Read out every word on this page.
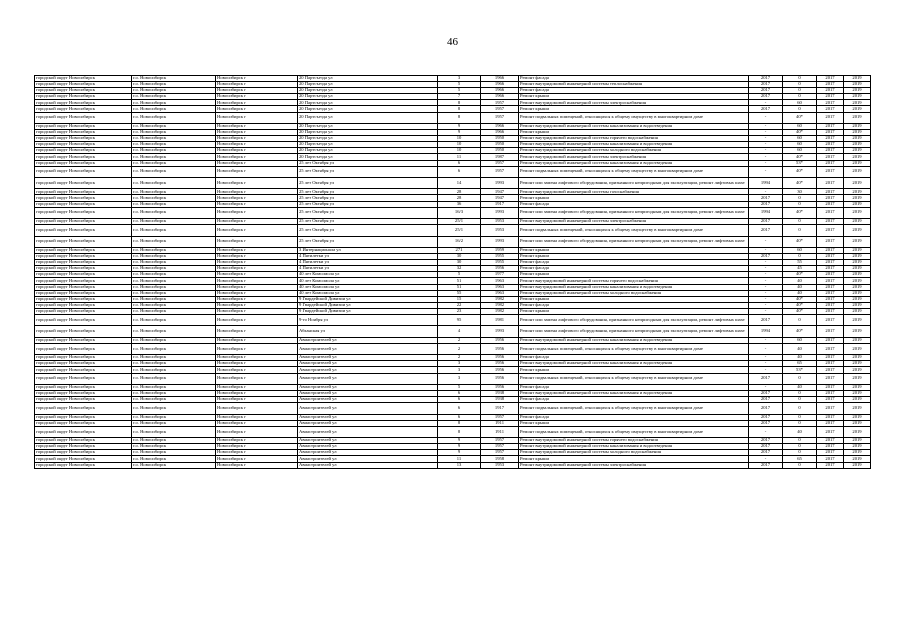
46
городской округ Новосибирск	г.о. Новосибирск	Новосибирск г	20 Партсъезда ул	3	1966	Ремонт фасада	2017	0	2017	2019
городской округ Новосибирск	г.о. Новосибирск	Новосибирск г	20 Партсъезда ул	5	1966	Ремонт внутридомовой инженерной системы теплоснабжения	2017	0	2017	2019
городской округ Новосибирск	г.о. Новосибирск	Новосибирск г	20 Партсъезда ул	5	1966	Ремонт фасада	2017	0	2017	2019
городской округ Новосибирск	г.о. Новосибирск	Новосибирск г	20 Партсъезда ул	7	1966	Ремонт крыши	2017	0	2017	2019
городской округ Новосибирск	г.о. Новосибирск	Новосибирск г	20 Партсъезда ул	8	1957	Ремонт внутридомовой инженерной системы электроснабжения	-	60	2017	2019
городской округ Новосибирск	г.о. Новосибирск	Новосибирск г	20 Партсъезда ул	8	1957	Ремонт крыши	2017	0	2017	2019
городской округ Новосибирск	г.о. Новосибирск	Новосибирск г	20 Партсъезда ул	8	1957	Ремонт подвальных помещений, относящихся к общему имуществу в многоквартирном доме	-	40*	2017	2019
городской округ Новосибирск	г.о. Новосибирск	Новосибирск г	20 Партсъезда ул	9	1966	Ремонт внутридомовой инженерной системы канализования и водоотведения	-	60	2017	2019
городской округ Новосибирск	г.о. Новосибирск	Новосибирск г	20 Партсъезда ул	9	1966	Ремонт крыши	-	40*	2017	2019
городской округ Новосибирск	г.о. Новосибирск	Новосибирск г	20 Партсъезда ул	10	1950	Ремонт внутридомовой инженерной системы горячего водоснабжения	-	60	2017	2019
городской округ Новосибирск	г.о. Новосибирск	Новосибирск г	20 Партсъезда ул	10	1950	Ремонт внутридомовой инженерной системы канализования и водоотведения	-	60	2017	2019
городской округ Новосибирск	г.о. Новосибирск	Новосибирск г	20 Партсъезда ул	10	1950	Ремонт внутридомовой инженерной системы холодного водоснабжения	-	60	2017	2019
городской округ Новосибирск	г.о. Новосибирск	Новосибирск г	20 Партсъезда ул	11	1987	Ремонт внутридомовой инженерной системы электроснабжения	-	40*	2017	2019
городской округ Новосибирск	г.о. Новосибирск	Новосибирск г	25 лет Октября ул	6	1957	Ремонт внутридомовой инженерной системы канализования и водоотведения	-	53*	2017	2019
городской округ Новосибирск	г.о. Новосибирск	Новосибирск г	25 лет Октября ул	6	1957	Ремонт подвальных помещений, относящихся к общему имуществу в многоквартирном доме	-	40*	2017	2019
городской округ Новосибирск	г.о. Новосибирск	Новосибирск г	25 лет Октября ул	14	1993	Ремонт или замена лифтового оборудования, признанного непригодным для эксплуатации, ремонт лифтовых шахт	1994	40*	2017	2019
городской округ Новосибирск	г.о. Новосибирск	Новосибирск г	25 лет Октября ул	28	1947	Ремонт внутридомовой инженерной системы газоснабжения	-	30	2017	2019
городской округ Новосибирск	г.о. Новосибирск	Новосибирск г	25 лет Октября ул	28	1947	Ремонт крыши	2017	0	2017	2019
городской округ Новосибирск	г.о. Новосибирск	Новосибирск г	25 лет Октября ул	36	1917	Ремонт фасада	2017	0	2017	2019
городской округ Новосибирск	г.о. Новосибирск	Новосибирск г	25 лет Октября ул	16/3	1993	Ремонт или замена лифтового оборудования, признанного непригодным для эксплуатации, ремонт лифтовых шахт	1994	40*	2017	2019
городской округ Новосибирск	г.о. Новосибирск	Новосибирск г	25 лет Октября ул	25/1	1953	Ремонт внутридомовой инженерной системы электроснабжения	2017	0	2017	2019
городской округ Новосибирск	г.о. Новосибирск	Новосибирск г	25 лет Октября ул	25/1	1953	Ремонт подвальных помещений, относящихся к общему имуществу в многоквартирном доме	2017	0	2017	2019
городской округ Новосибирск	г.о. Новосибирск	Новосибирск г	25 лет Октября ул	16/2	1993	Ремонт или замена лифтового оборудования, признанного непригодным для эксплуатации, ремонт лифтовых шахт	-	40*	2017	2019
городской округ Новосибирск	г.о. Новосибирск	Новосибирск г	3 Интернационала ул	271	1959	Ремонт крыши	-	60	2017	2019
городской округ Новосибирск	г.о. Новосибирск	Новосибирск г	4 Пятилетки ул	30	1955	Ремонт крыши	2017	0	2017	2019
городской округ Новосибирск	г.о. Новосибирск	Новосибирск г	4 Пятилетки ул	30	1955	Ремонт фасада	-	55	2017	2019
городской округ Новосибирск	г.о. Новосибирск	Новосибирск г	4 Пятилетки ул	32	1956	Ремонт фасада	-	45	2017	2019
городской округ Новосибирск	г.о. Новосибирск	Новосибирск г	40 лет Комсомола ул	5	1977	Ремонт крыши	-	40*	2017	2019
городской округ Новосибирск	г.о. Новосибирск	Новосибирск г	40 лет Комсомола ул	51	1963	Ремонт внутридомовой инженерной системы горячего водоснабжения	-	40	2017	2019
городской округ Новосибирск	г.о. Новосибирск	Новосибирск г	40 лет Комсомола ул	51	1963	Ремонт внутридомовой инженерной системы канализования и водоотведения	-	40	2017	2019
городской округ Новосибирск	г.о. Новосибирск	Новосибирск г	40 лет Комсомола ул	55	1963	Ремонт внутридомовой инженерной системы холодного водоснабжения	-	40	2017	2019
городской округ Новосибирск	г.о. Новосибирск	Новосибирск г	9 Гвардейской Дивизии ул	15	1982	Ремонт крыши	-	40*	2017	2019
городской округ Новосибирск	г.о. Новосибирск	Новосибирск г	9 Гвардейской Дивизии ул	22	1982	Ремонт фасада	-	40*	2017	2019
городской округ Новосибирск	г.о. Новосибирск	Новосибирск г	9 Гвардейской Дивизии ул	23	1982	Ремонт крыши	-	40*	2017	2019
городской округ Новосибирск	г.о. Новосибирск	Новосибирск г	9-го Ноября ул	95	1981	Ремонт или замена лифтового оборудования, признанного непригодным для эксплуатации, ремонт лифтовых шахт	2017	0	2017	2019
городской округ Новосибирск	г.о. Новосибирск	Новосибирск г	Абханская ул	4	1993	Ремонт или замена лифтового оборудования, признанного непригодным для эксплуатации, ремонт лифтовых шахт	1994	40*	2017	2019
городской округ Новосибирск	г.о. Новосибирск	Новосибирск г	Авиастроителей ул	2	1956	Ремонт внутридомовой инженерной системы канализования и водоотведения	-	60	2017	2019
городской округ Новосибирск	г.о. Новосибирск	Новосибирск г	Авиастроителей ул	2	1956	Ремонт подвальных помещений, относящихся к общему имуществу в многоквартирном доме	-	40	2017	2019
городской округ Новосибирск	г.о. Новосибирск	Новосибирск г	Авиастроителей ул	2	1956	Ремонт фасада	-	40	2017	2019
городской округ Новосибирск	г.о. Новосибирск	Новосибирск г	Авиастроителей ул	3	1956	Ремонт внутридомовой инженерной системы канализования и водоотведения	-	65	2017	2019
городской округ Новосибирск	г.о. Новосибирск	Новосибирск г	Авиастроителей ул	3	1956	Ремонт крыши	-	53*	2017	2019
городской округ Новосибирск	г.о. Новосибирск	Новосибирск г	Авиастроителей ул	3	1956	Ремонт подвальных помещений, относящихся к общему имуществу в многоквартирном доме	2017	0	2017	2019
городской округ Новосибирск	г.о. Новосибирск	Новосибирск г	Авиастроителей ул	5	1956	Ремонт фасада	-	40	2017	2019
городской округ Новосибирск	г.о. Новосибирск	Новосибирск г	Авиастроителей ул	6	1938	Ремонт внутридомовой инженерной системы канализования и водоотведения	2017	0	2017	2019
городской округ Новосибирск	г.о. Новосибирск	Новосибирск г	Авиастроителей ул	6	1938	Ремонт фасада	2017	0	2017	2019
городской округ Новосибирск	г.о. Новосибирск	Новосибирск г	Авиастроителей ул	6	1917	Ремонт подвальных помещений, относящихся к общему имуществу в многоквартирном доме	2017	0	2017	2019
городской округ Новосибирск	г.о. Новосибирск	Новосибирск г	Авиастроителей ул	6	1957	Ремонт фасада	2017	0	2017	2019
городской округ Новосибирск	г.о. Новосибирск	Новосибирск г	Авиастроителей ул	8	1911	Ремонт крыши	2017	0	2017	2019
городской округ Новосибирск	г.о. Новосибирск	Новосибирск г	Авиастроителей ул	8	1911	Ремонт подвальных помещений, относящихся к общему имуществу в многоквартирном доме	-	40	2017	2019
городской округ Новосибирск	г.о. Новосибирск	Новосибирск г	Авиастроителей ул	9	1957	Ремонт внутридомовой инженерной системы горячего водоснабжения	2017	0	2017	2019
городской округ Новосибирск	г.о. Новосибирск	Новосибирск г	Авиастроителей ул	9	1957	Ремонт внутридомовой инженерной системы канализования и водоотведения	2017	0	2017	2019
городской округ Новосибирск	г.о. Новосибирск	Новосибирск г	Авиастроителей ул	9	1957	Ремонт внутридомовой инженерной системы холодного водоснабжения	2017	0	2017	2019
городской округ Новосибирск	г.о. Новосибирск	Новосибирск г	Авиастроителей ул	11	1958	Ремонт крыши	-	65	2017	2019
городской округ Новосибирск	г.о. Новосибирск	Новосибирск г	Авиастроителей ул	13	1953	Ремонт внутридомовой инженерной системы электроснабжения	2017	0	2017	2019
